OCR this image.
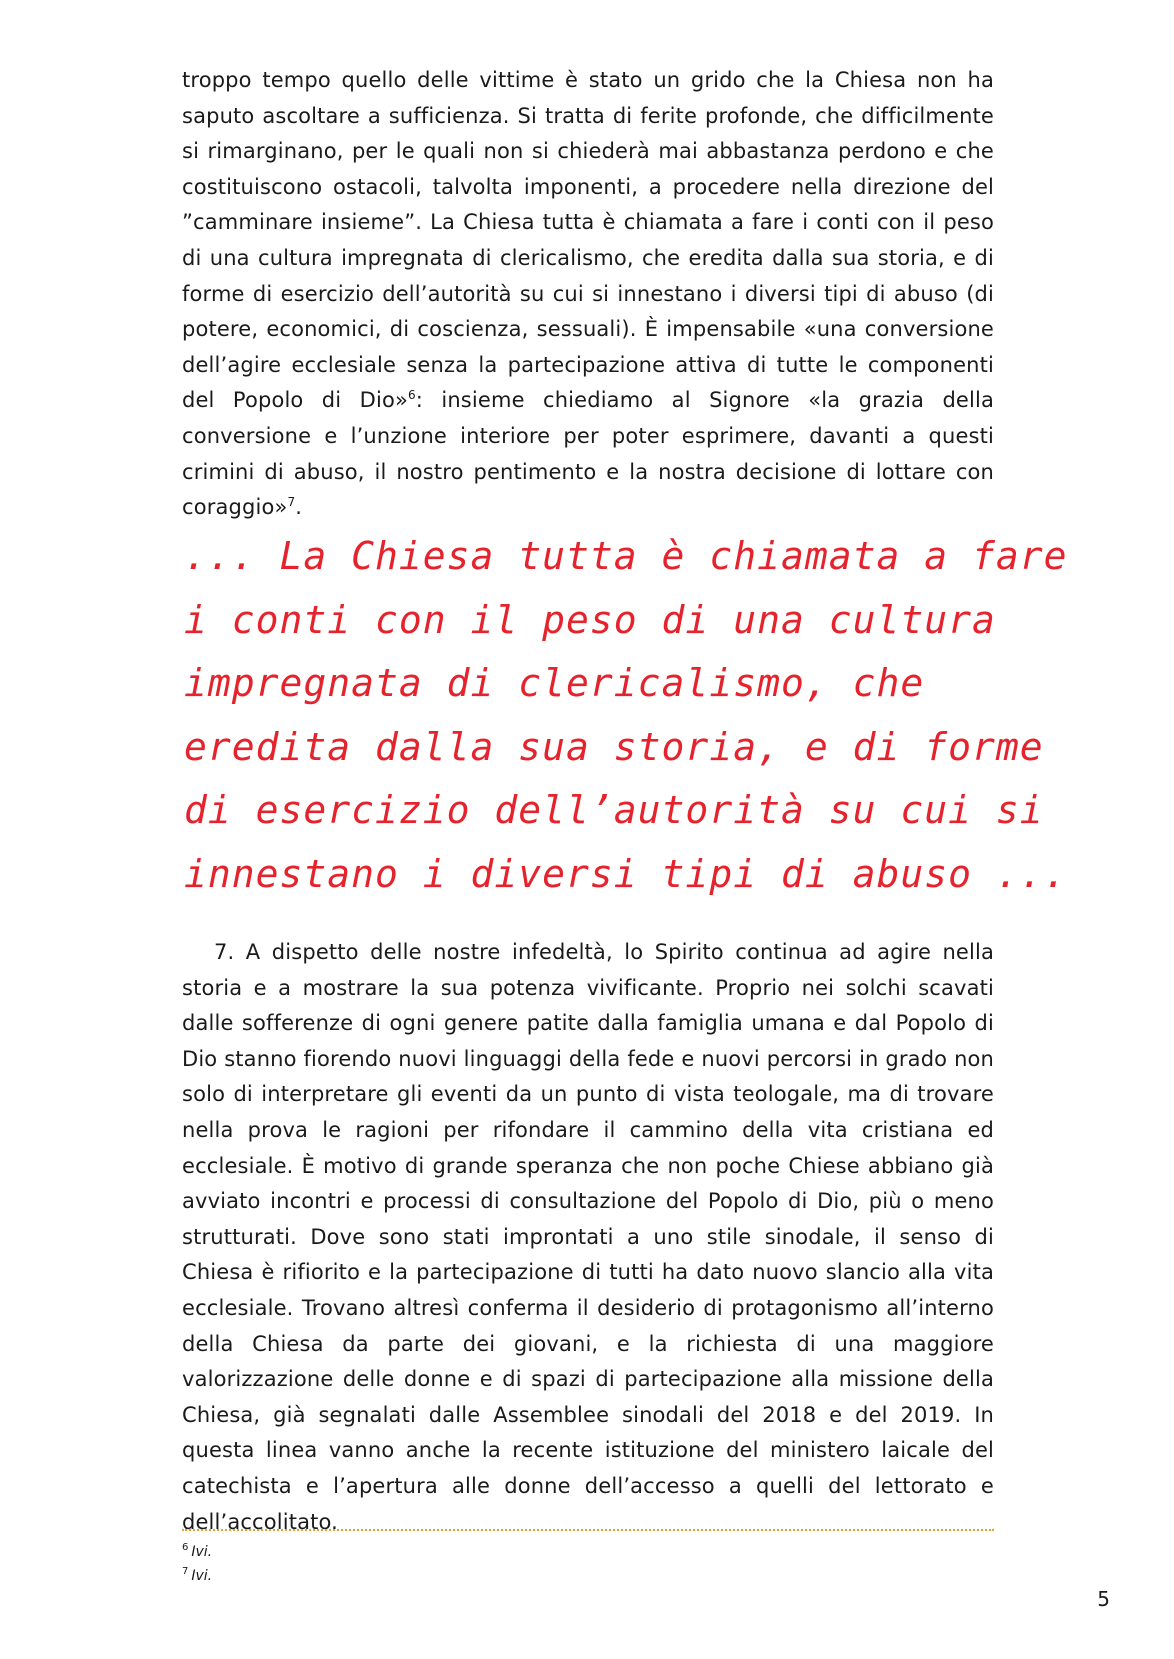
troppo tempo quello delle vittime è stato un grido che la Chiesa non ha saputo ascoltare a sufficienza. Si tratta di ferite profonde, che difficilmente si rimarginano, per le quali non si chiederà mai abbastanza perdono e che costituiscono ostacoli, talvolta imponenti, a procedere nella direzione del ”camminare insieme”. La Chiesa tutta è chiamata a fare i conti con il peso di una cultura impregnata di clericalismo, che eredita dalla sua storia, e di forme di esercizio dell’autorità su cui si innestano i diversi tipi di abuso (di potere, economici, di coscienza, sessuali). È impensabile «una conversione dell’agire ecclesiale senza la partecipazione attiva di tutte le componenti del Popolo di Dio»$^6$: insieme chiediamo al Signore «la grazia della conversione e l’unzione interiore per poter esprimere, davanti a questi crimini di abuso, il nostro pentimento e la nostra decisione di lottare con coraggio»$^7$.

... La Chiesa tutta è chiamata a fare
i conti con il peso di una cultura
impregnata di clericalismo, che
eredita dalla sua storia, e di forme
di esercizio dell’autorità su cui si
innestano i diversi tipi di abuso ...

7. A dispetto delle nostre infedeltà, lo Spirito continua ad agire nella storia e a mostrare la sua potenza vivificante. Proprio nei solchi scavati dalle sofferenze di ogni genere patite dalla famiglia umana e dal Popolo di Dio stanno fiorendo nuovi linguaggi della fede e nuovi percorsi in grado non solo di interpretare gli eventi da un punto di vista teologale, ma di trovare nella prova le ragioni per rifondare il cammino della vita cristiana ed ecclesiale. È motivo di grande speranza che non poche Chiese abbiano già avviato incontri e processi di consultazione del Popolo di Dio, più o meno strutturati. Dove sono stati improntati a uno stile sinodale, il senso di Chiesa è rifiorito e la partecipazione di tutti ha dato nuovo slancio alla vita ecclesiale. Trovano altresì conferma il desiderio di protagonismo all’interno della Chiesa da parte dei giovani, e la richiesta di una maggiore valorizzazione delle donne e di spazi di partecipazione alla missione della Chiesa, già segnalati dalle Assemblee sinodali del 2018 e del 2019. In questa linea vanno anche la recente istituzione del ministero laicale del catechista e l’apertura alle donne dell’accesso a quelli del lettorato e dell’accolitato.

$^6$ Ivi.
$^7$ Ivi.
5
